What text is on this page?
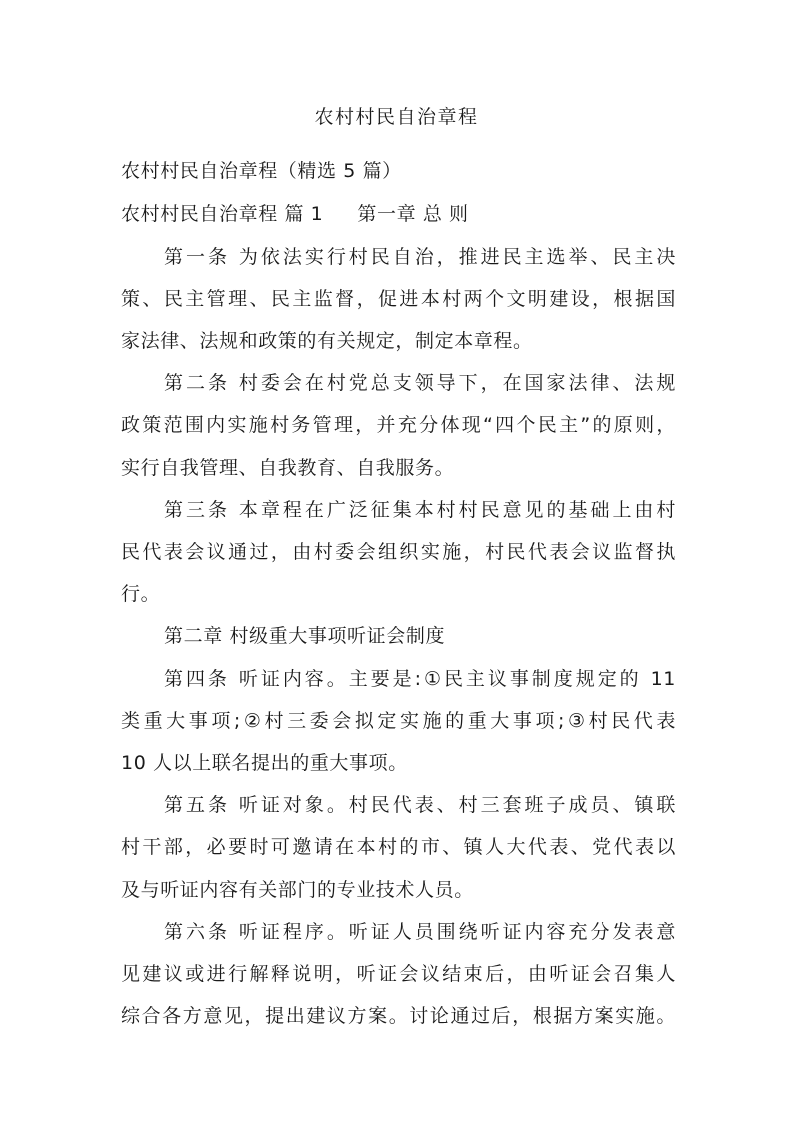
农村村民自治章程
农村村民自治章程（精选 5 篇）
农村村民自治章程 篇 1 第一章 总 则
第一条 为依法实行村民自治，推进民主选举、民主决
策、民主管理、民主监督，促进本村两个文明建设，根据国
家法律、法规和政策的有关规定，制定本章程。
第二条 村委会在村党总支领导下，在国家法律、法规
政策范围内实施村务管理，并充分体现“四个民主”的原则，
实行自我管理、自我教育、自我服务。
第三条 本章程在广泛征集本村村民意见的基础上由村
民代表会议通过，由村委会组织实施，村民代表会议监督执
行。
第二章 村级重大事项听证会制度
第四条 听证内容。主要是:①民主议事制度规定的 11
类重大事项;②村三委会拟定实施的重大事项;③村民代表
10 人以上联名提出的重大事项。
第五条 听证对象。村民代表、村三套班子成员、镇联
村干部，必要时可邀请在本村的市、镇人大代表、党代表以
及与听证内容有关部门的专业技术人员。
第六条 听证程序。听证人员围绕听证内容充分发表意
见建议或进行解释说明，听证会议结束后，由听证会召集人
综合各方意见，提出建议方案。讨论通过后，根据方案实施。
